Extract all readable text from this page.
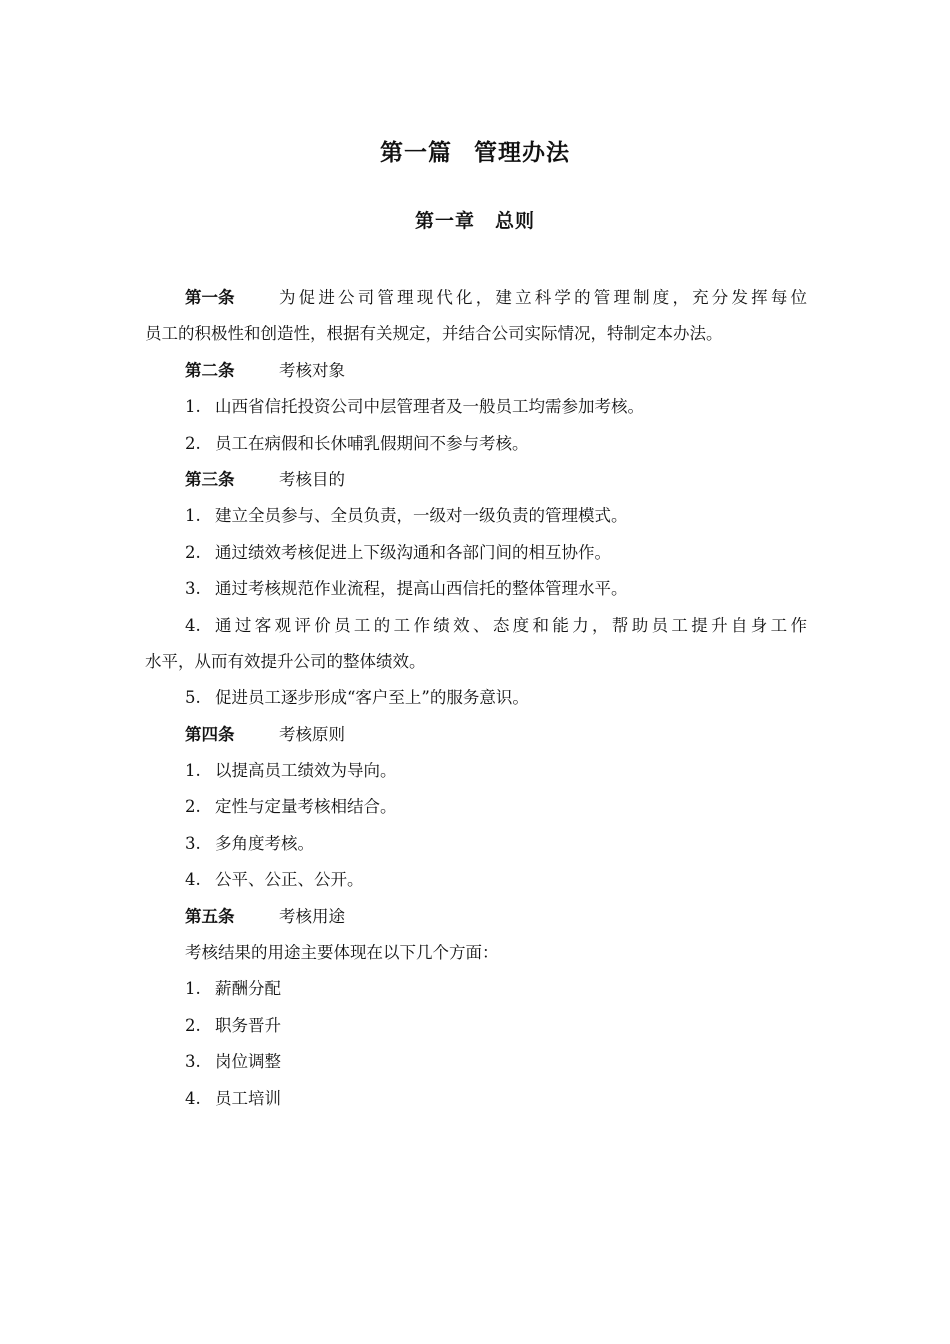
第一篇 管理办法
第一章 总则
第一条	为促进公司管理现代化，建立科学的管理制度，充分发挥每位
员工的积极性和创造性，根据有关规定，并结合公司实际情况，特制定本办法。
第二条	考核对象
1. 山西省信托投资公司中层管理者及一般员工均需参加考核。
2. 员工在病假和长休哺乳假期间不参与考核。
第三条	考核目的
1. 建立全员参与、全员负责，一级对一级负责的管理模式。
2. 通过绩效考核促进上下级沟通和各部门间的相互协作。
3. 通过考核规范作业流程，提高山西信托的整体管理水平。
4. 通过客观评价员工的工作绩效、态度和能力，帮助员工提升自身工作
水平，从而有效提升公司的整体绩效。
5. 促进员工逐步形成“客户至上”的服务意识。
第四条	考核原则
1. 以提高员工绩效为导向。
2. 定性与定量考核相结合。
3. 多角度考核。
4. 公平、公正、公开。
第五条	考核用途
考核结果的用途主要体现在以下几个方面：
1. 薪酬分配
2. 职务晋升
3. 岗位调整
4. 员工培训
